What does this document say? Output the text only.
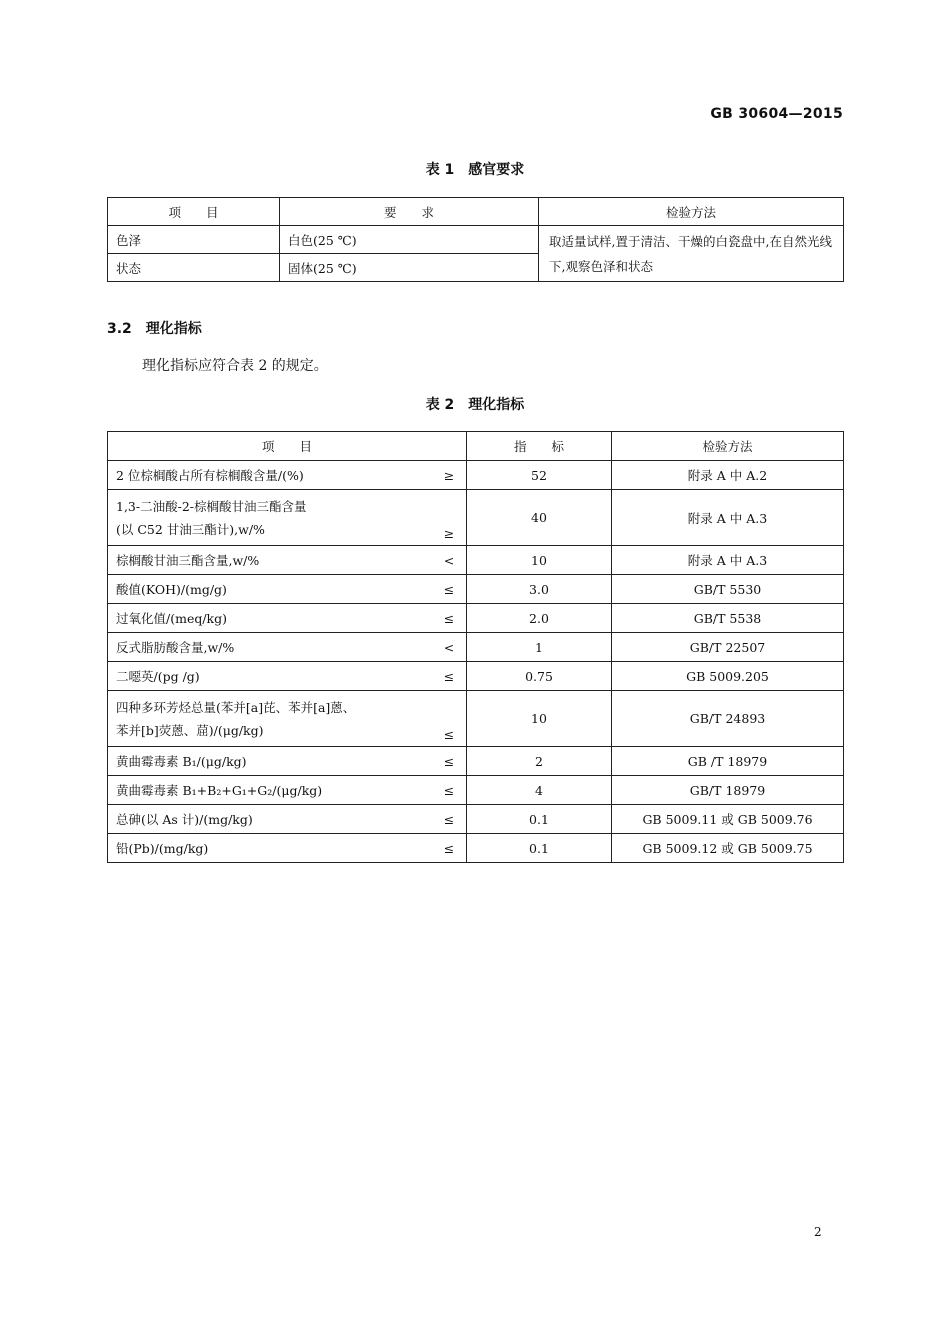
GB 30604—2015
表 1　感官要求
项　　目	要　　求	检验方法
色泽	白色(25 ℃)	取适量试样,置于清洁、干燥的白瓷盘中,在自然光线下,观察色泽和状态
状态	固体(25 ℃)	
3.2　理化指标
理化指标应符合表 2 的规定。
表 2　理化指标
项　　目	指　　标	检验方法

2 位棕榈酸占所有棕榈酸含量/(%) ≥	52	附录 A 中 A.2

1,3-二油酸-2-棕榈酸甘油三酯含量
(以 C52 甘油三酯计),w/% ≥	40	附录 A 中 A.3

棕榈酸甘油三酯含量,w/% <	10	附录 A 中 A.3

酸值(KOH)/(mg/g) ≤	3.0	GB/T 5530

过氧化值/(meq/kg) ≤	2.0	GB/T 5538

反式脂肪酸含量,w/% <	1	GB/T 22507

二噁英/(pg /g) ≤	0.75	GB 5009.205

四种多环芳烃总量(苯并[a]芘、苯并[a]蒽、
苯并[b]荧蒽、䓛)/(μg/kg) ≤	10	GB/T 24893

黄曲霉毒素 B₁/(μg/kg) ≤	2	GB /T 18979

黄曲霉毒素 B₁+B₂+G₁+G₂/(μg/kg) ≤	4	GB/T 18979

总砷(以 As 计)/(mg/kg) ≤	0.1	GB 5009.11 或 GB 5009.76

铅(Pb)/(mg/kg) ≤	0.1	GB 5009.12 或 GB 5009.75
2
